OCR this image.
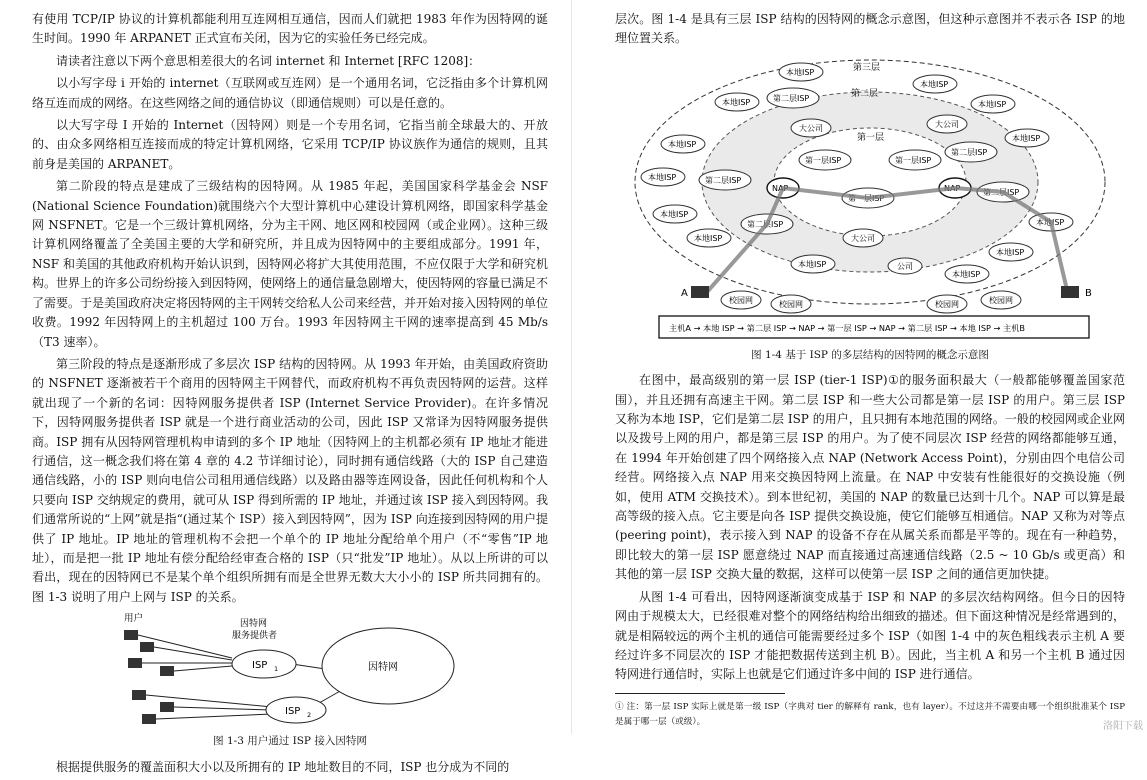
有使用 TCP/IP 协议的计算机都能利用互连网相互通信，因而人们就把 1983 年作为因特网的诞生时间。1990 年 ARPANET 正式宣布关闭，因为它的实验任务已经完成。

请读者注意以下两个意思相差很大的名词 internet 和 Internet [RFC 1208]：

以小写字母 i 开始的 internet（互联网或互连网）是一个通用名词，它泛指由多个计算机网络互连而成的网络。在这些网络之间的通信协议（即通信规则）可以是任意的。

以大写字母 I 开始的 Internet（因特网）则是一个专用名词，它指当前全球最大的、开放的、由众多网络相互连接而成的特定计算机网络，它采用 TCP/IP 协议族作为通信的规则，且其前身是美国的 ARPANET。

第二阶段的特点是建成了三级结构的因特网。从 1985 年起，美国国家科学基金会 NSF (National Science Foundation)就围绕六个大型计算机中心建设计算机网络，即国家科学基金网 NSFNET。它是一个三级计算机网络，分为主干网、地区网和校园网（或企业网）。这种三级计算机网络覆盖了全美国主要的大学和研究所，并且成为因特网中的主要组成部分。1991 年，NSF 和美国的其他政府机构开始认识到，因特网必将扩大其使用范围，不应仅限于大学和研究机构。世界上的许多公司纷纷接入到因特网，使网络上的通信量急剧增大，使因特网的容量已满足不了需要。于是美国政府决定将因特网的主干网转交给私人公司来经营，并开始对接入因特网的单位收费。1992 年因特网上的主机超过 100 万台。1993 年因特网主干网的速率提高到 45 Mb/s（T3 速率）。

第三阶段的特点是逐渐形成了多层次 ISP 结构的因特网。从 1993 年开始，由美国政府资助的 NSFNET 逐渐被若干个商用的因特网主干网替代，而政府机构不再负责因特网的运营。这样就出现了一个新的名词：因特网服务提供者 ISP (Internet Service Provider)。在许多情况下，因特网服务提供者 ISP 就是一个进行商业活动的公司，因此 ISP 又常译为因特网服务提供商。ISP 拥有从因特网管理机构申请到的多个 IP 地址（因特网上的主机都必须有 IP 地址才能进行通信，这一概念我们将在第 4 章的 4.2 节详细讨论），同时拥有通信线路（大的 ISP 自己建造通信线路，小的 ISP 则向电信公司租用通信线路）以及路由器等连网设备，因此任何机构和个人只要向 ISP 交纳规定的费用，就可从 ISP 得到所需的 IP 地址，并通过该 ISP 接入到因特网。我们通常所说的“上网”就是指“(通过某个 ISP）接入到因特网”，因为 ISP 向连接到因特网的用户提供了 IP 地址。IP 地址的管理机构不会把一个单个的 IP 地址分配给单个用户（不“零售”IP 地址），而是把一批 IP 地址有偿分配给经审查合格的 ISP（只“批发”IP 地址）。从以上所讲的可以看出，现在的因特网已不是某个单个组织所拥有而是全世界无数大大小小的 ISP 所共同拥有的。图 1-3 说明了用户上网与 ISP 的关系。

用户	因特网
服务提供者
ISP 1
ISP 2
因特网

图 1-3 用户通过 ISP 接入因特网

根据提供服务的覆盖面积大小以及所拥有的 IP 地址数目的不同，ISP 也分成为不同的

层次。图 1-4 是具有三层 ISP 结构的因特网的概念示意图，但这种示意图并不表示各 ISP 的地理位置关系。

第三层
第二层
第一层
本地ISP
本地ISP
本地ISP
本地ISP
本地ISP
本地ISP
本地ISP
本地ISP
本地ISP
本地ISP
本地ISP
本地ISP
本地ISP
第二层ISP
第二层ISP
第二层ISP
第二层ISP
第二层ISP
第一层ISP	第一层ISP
第一层ISP
大公司	大公司
大公司
公司
NAP	NAP
校园网	校园网	校园网	校园网
A	B
主机A → 本地 ISP → 第二层 ISP → NAP → 第一层 ISP → NAP → 第二层 ISP → 本地 ISP → 主机B

图 1-4 基于 ISP 的多层结构的因特网的概念示意图

在图中，最高级别的第一层 ISP (tier-1 ISP)①的服务面积最大（一般都能够覆盖国家范围），并且还拥有高速主干网。第二层 ISP 和一些大公司都是第一层 ISP 的用户。第三层 ISP 又称为本地 ISP，它们是第二层 ISP 的用户，且只拥有本地范围的网络。一般的校园网或企业网以及拨号上网的用户，都是第三层 ISP 的用户。为了使不同层次 ISP 经营的网络都能够互通，在 1994 年开始创建了四个网络接入点 NAP (Network Access Point)，分别由四个电信公司经营。网络接入点 NAP 用来交换因特网上流量。在 NAP 中安装有性能很好的交换设施（例如，使用 ATM 交换技术）。到本世纪初，美国的 NAP 的数量已达到十几个。NAP 可以算是最高等级的接入点。它主要是向各 ISP 提供交换设施，使它们能够互相通信。NAP 又称为对等点(peering point)，表示接入到 NAP 的设备不存在从属关系而都是平等的。现在有一种趋势，即比较大的第一层 ISP 愿意绕过 NAP 而直接通过高速通信线路（2.5 ~ 10 Gb/s 或更高）和其他的第一层 ISP 交换大量的数据，这样可以使第一层 ISP 之间的通信更加快捷。

从图 1-4 可看出，因特网逐渐演变成基于 ISP 和 NAP 的多层次结构网络。但今日的因特网由于规模太大，已经很难对整个的网络结构给出细致的描述。但下面这种情况是经常遇到的，就是相隔较远的两个主机的通信可能需要经过多个 ISP（如图 1-4 中的灰色粗线表示主机 A 要经过许多不同层次的 ISP 才能把数据传送到主机 B）。因此，当主机 A 和另一个主机 B 通过因特网进行通信时，实际上也就是它们通过许多中间的 ISP 进行通信。

① 注：第一层 ISP 实际上就是第一级 ISP（字典对 tier 的解释有 rank，也有 layer）。不过这并不需要由哪一个组织批准某个 ISP 是属于哪一层（或级）。	洛阳下载
